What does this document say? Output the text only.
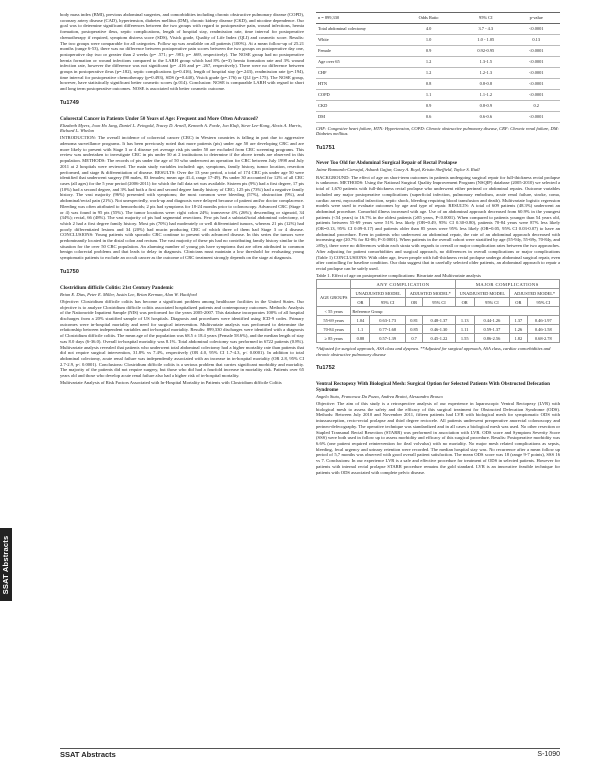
SSAT Abstracts

body mass index (BMI), previous abdominal surgeries, and comorbidities including chronic obstructive pulmonary disease (COPD), coronary artery disease (CAD), hypertension, diabetes mellitus (DM), chronic kidney disease (CKD), and nicotine dependence. Our goal was to determine significant differences between the two groups with regard to postoperative pain, wound infections, hernia formation, postoperative ileus, septic complications, length of hospital stay, readmission rate, time interval for postoperative chemotherapy if required, symptom distress score (SDS), Visick grade, Quality of Life Index (QLI) and cosmetic score. Results: The two groups were comparable for all categories. Follow up was available on all patients (100%). At a mean follow-up of 25.21 months (range 6-53), there was no difference between postoperative pain scores between the two groups on postoperative day one, postoperative day two or greater than 2 weeks (p= .571; p= .981; p= .669, respectively). The NOSE group had no postoperative hernia formation or wound infections compared to the LARH group which had 8% (n=3) hernia formation rate and 3% wound infection rate, however the difference was not significant (p= .416 and p= .267, respectively). There were no difference between groups in postoperative ileus (p=.182), septic complications (p=0.416), length of hospital stay (p=.243), readmission rate (p=.194), time interval for postoperative chemotherapy (p=0.493), SDS (p=0.440), Visick grade (p=.176) or QLI (p=.175). The NOSE group, however, have statistically significant better cosmetic scores (p.014). Conclusion: NOSE is comparable LARH with regard to short and long term postoperative outcomes. NOSE is associated with better cosmetic outcome.

Tu1749
Colorectal Cancer in Patients Under 50 Years of Age: Frequent and More Often Advanced?
Elizabeth Myers, Joon Ho Jang, Daniel L. Feingold, Tracey D. Arnell, Kenneth A. Forde, Jon Kluft, Steve Lee-Kong, Alexis A. Harris, Richard L. Whelan

INTRODUCTION: The overall incidence of colorectal cancer (CRC) in Western countries is falling in part due to aggressive adenoma surveillance programs. It has been previously noted that more patients (pts) under age 50 are developing CRC and are more likely to present with Stage 3 or 4 disease yet average risk pts under 50 are excluded from CRC screening programs. This review was undertaken to investigate CRC in pts under 50 at 2 institutions to determine if the above trends are observed in this population. METHODS: The records of pts under the age of 50 who underwent an operation for CRC between July 1998 and July 2011 at 2 hospitals were reviewed. The main study variables included: age, symptoms, family history, tumor location, resection performed, and stage & differentiation of disease. RESULTS: Over the 13 year period, a total of 174 CRC pts under age 50 were identified that underwent surgery (90 males, 83 females; mean age 41.4, range 17-49). Pts under 30 accounted for 12% of all CRC cases (all ages) for the 5 year period (2006-2011) for which the full data set was available. Sixteen pts (9%) had a first degree, 17 pts (10%) had a second degree, and 3% had both a first and second degree family history of CRC; 125 pts (73%) had a negative family history. The vast majority (96%) presented with symptoms; the most common were bleeding (57%), obstruction (9%), and abdominal/rectal pain (21%). Not unexpectedly, work-up and diagnosis were delayed because of patient and/or doctor complacence. Bleeding was often attributed to hemorrhoids; 2 pts had symptoms for 18-24 months prior to colonoscopy. Advanced CRC (Stage 3 or 4) was found in 95 pts (55%). The tumor locations were: right colon 24%; transverse 4% (26%); descending or sigmoid, 34 (34%); rectal, 66 (48%). The vast majority of pts had segmental resections. Few pts had a subtotal/total abdominal colectomy, of which 2 had a first degree family history. Most pts (70%) had moderately or well differentiated tumors, whereas 21 pts (12%) had poorly differentiated lesions and 34 (20%) had mucin producing CRC of which three of them had Stage 3 or 4 disease. CONCLUSIONS: Young patients with sporadic CRC continue to present with advanced disease. In this series the tumors were predominantly located in the distal colon and rectum. The vast majority of these pts had no contributing family history similar to the situation for the over 50 CRC population. An alarming number of young pts have symptoms that are often attributed to common benign colorectal problems and that leads to delay in diagnosis. Clinicians must maintain a low threshold for evaluating young symptomatic patients to exclude an occult cancer as the outcome of CRC treatment strongly depends on the stage at diagnosis.

Tu1750
Clostridium difficile Colitis: 21st Century Pandemic
Brian E. Dias, Peter E. Miller, Justin Lee, Brian Kerman, Alan W. Hackford

Objective: Clostridium difficile colitis has become a significant problem among healthcare facilities in the United States. Our objective is to analyze Clostridium difficile colitis associated hospitalized patients and contemporary outcomes. Methods: Analysis of the Nationwide Inpatient Sample (NIS) was performed for the years 2005-2007. This database incorporates 100% of all hospital discharges from a 20% stratified sample of US hospitals. Diagnosis and procedures were identified using ICD-9 codes. Primary outcomes were in-hospital mortality and need for surgical intervention. Multivariate analysis was performed to determine the relationship between independent variables and in-hospital mortality. Results: 899,330 discharges were identified with a diagnosis of Clostridium difficile colitis. The mean age of the population was 68.5 ± 18.4 years (Female 58.6%), and the median length of stay was 8.0 days (6-36.0). Overall in-hospital mortality was 8.1%. Total abdominal colectomy was performed in 6722 patients (0.8%). Multivariate analysis revealed that patients who underwent total abdominal colectomy had a higher mortality rate than patients that did not require surgical intervention, 31.8% vs 7.4%, respectively (OR 4.0, 95% CI 1.7-4.3, p< 0.0001). In addition to total abdominal colectomy, acute renal failure was independently associated with an increase in in-hospital mortality (OR 2.8, 95% CI 2.7-2.9, p< 0.0001). Conclusions: Clostridium difficile colitis is a serious problem that carries significant morbidity and mortality. The majority of the patients did not require surgery, but those who did had a fourfold increase in mortality risk. Patients over 65 years old and those who develop acute renal failure also had a higher risk of in-hospital mortality.

Multivariate Analysis of Risk Factors Associated with In-Hospital Mortality in Patients with Clostridium difficile Colitis

n = 899,330	Odds Ratio	95% CI	p-value
Total abdominal colectomy	4.0	3.7 - 4.3	<0.0001
White	1.0	1.0 - 1.05	0.13
Female	0.9	0.92-0.95	<0.0001
Age over 65	1.2	1.3-1.5	<0.0001
CHF	1.2	1.2-1.3	<0.0001
HTN	0.8	0.8-0.8	<0.0001
COPD	1.1	1.1-1.2	<0.0001
CKD	0.9	0.8-0.9	0.2
DM	0.6	0.6-0.6	<0.0001
CHF: Congestive heart failure, HTN: Hypertension, COPD: Chronic obstructive pulmonary disease, CRF: Chronic renal failure, DM: Diabetes mellitus.
Tu1751
Never Too Old for Abdominal Surgical Repair of Rectal Prolapse
Jaime Bonnardo-Carvajal, Ashank Gajjar, Casey A. Boyd, Kristin Sheffield, Taylor S. Riall

BACKGROUND: The effect of age on short-term outcomes in patients undergoing surgical repair for full-thickness rectal prolapse is unknown. METHODS: Using the National Surgical Quality Improvement Program (NSQIP) database (2005-2010) we selected a total of 1,670 patients with full-thickness rectal prolapse who underwent either perineal or abdominal repairs. Outcome variables included any major postoperative complications (superficial infection, pulmonary embolism, acute renal failure, stroke, coma, cardiac arrest, myocardial infarction, septic shock, bleeding requiring blood transfusion and death). Multivariate logistic regression models were used to evaluate outcomes by age and type of repair. RESULTS: A total of 609 patients (48.3%) underwent an abdominal procedure. Comorbid illness increased with age. Use of an abdominal approach decreased from 60.9% in the youngest patients (<54 years) to 16.7% in the oldest patients (≥85 years, P<0.0001). When compared to patients younger than 54 years old, patients between 55-69 years were 51% less likely (OR=0.49, 95% CI 0.30-0.80), patients 70-84 years were 87% less likely (OR=0.13, 95% CI 0.09-0.17) and patients older than 85 years were 95% less likely (OR=0.05, 95% CI 0.03-0.07) to have an abdominal procedure. Even in patients who underwent an abdominal repair, the rate of an abdominal approach decreased with increasing age (20.7% for 82-86; P<0.0001). When patients in the overall cohort were stratified by age (55-94y, 55-69y, 70-84y, and ≥85y), there were no differences within each strata with regards to overall or major complication rates between the two approaches. After adjusting for patient comorbidities and surgical approach, no differences in overall complications or major complications (Table 1) CONCLUSIONS: With older age, fewer people with full-thickness rectal prolapse undergo abdominal surgical repair, even after controlling for baseline condition. Our data suggest that in carefully selected older patients, an abdominal approach to repair a rectal prolapse can be safely used.

Table 1. Effect of age on postoperative complications: Bivariate and Multivariate analysis

	ANY COMPLICATION				MAJOR COMPLICATIONS			
AGE GROUPS	UNADJUSTED MODEL		ADJUSTED MODEL*		UNADJUSTED MODEL		ADJUSTED MODEL*	
	OR	95% CI	OR	95% CI	OR	95% CI	OR	95% CI
< 55 years	Reference Group							
55-69 years	1.04	0.63-1.73	0.81	0.48-1.37	1.13	0.44-1.26	1.37	0.46-1.97
70-84 years	1.1	0.77-1.68	0.85	0.46-1.30	1.11	0.59-1.37	1.26	0.46-1.58
≥ 85 years	0.88	0.57-1.39	0.7	0.45-1.22	1.55	0.86-2.56	1.82	0.68-2.78
*Adjusted for surgical approach, ASA class and dyspnea. **Adjusted for surgical approach, ASA class, cardiac comorbidities and chronic obstructive pulmonary disease
Tu1752
Ventral Rectopexy With Biological Mesh: Surgical Option for Selected Patients With Obstructed Defecation Syndrome
Angelo Stuto, Francesca Da Pozzo, Andrea Braini, Alessandro Brusco

Objective: The aim of this study is a retrospective analysis of our experience in laparoscopic Ventral Rectopexy (LVR) with biological mesh to assess the safety and the efficacy of this surgical treatment for Obstructed Defecation Syndrome (ODS). Methods: Between July 2010 and November 2011, fifteen patients had LVR with biological mesh for symptomatic ODS with intussusception, recto-rectal prolapse and third degree rectocele. All patients underwent preoperative anorectal colonoscopy and perineo-defecography. The operative technique was standardized and in all cases a biological mesh was used. No other resection or Stapled Transanal Rectal Resection (STARR) was performed in association with LVR. ODS score and Symptom Severity Score (SSS) were both used in follow up to assess morbidity and efficacy of this surgical procedure. Results: Postoperative morbidity was 6.6% (one patient required reintervention for ileal volvulus) with no mortality. No major mesh related complications as sepsis, bleeding, fecal urgency and urinary retention were recorded. The median hospital stay was. No recurrence after a mean follow up period of 5,7 months was observed with good overall patient satisfaction. The mean ODS score was 18 (range 9-7 points), SSS 16 vs 7. Conclusions: In our experience LVR is a safe and effective procedure for treatment of ODS in selected patients. However for patients with internal rectal prolapse STARR procedure remains the gold standard. LVR is an innovative feasible technique for patients with ODS associated with complete pelvic disease.

SSAT Abstracts	S-1090
